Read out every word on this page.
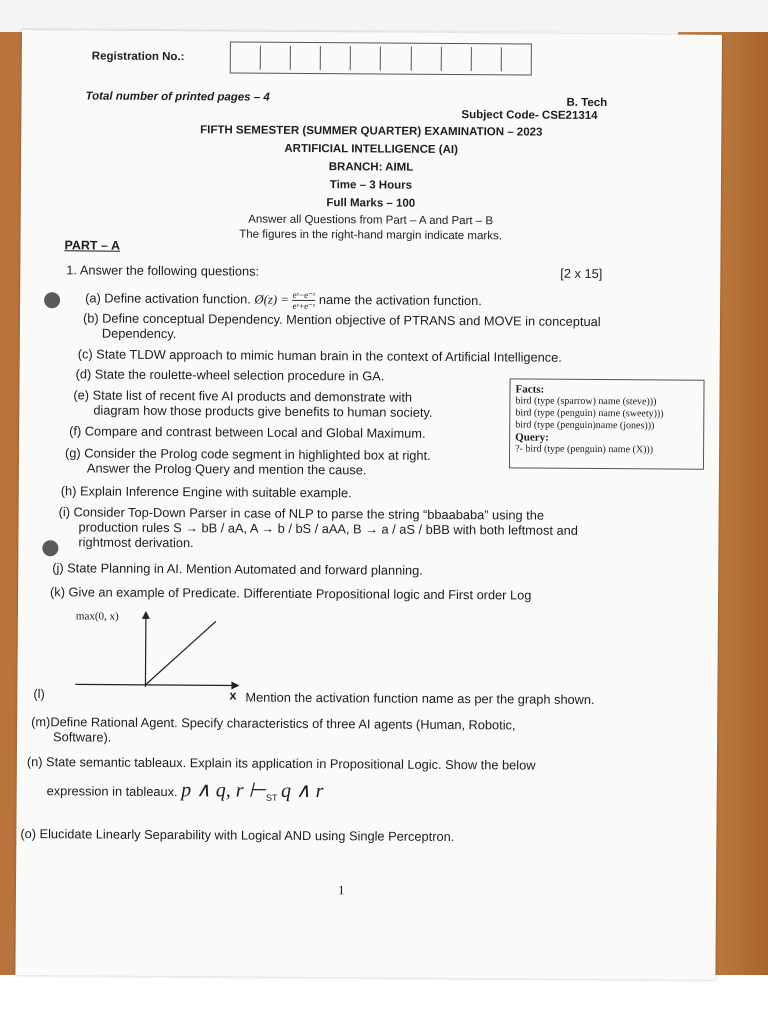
Registration No.:
Total number of printed pages – 4	B. Tech
Subject Code- CSE21314
FIFTH SEMESTER (SUMMER QUARTER) EXAMINATION – 2023
ARTIFICIAL INTELLIGENCE (AI)
BRANCH: AIML
Time – 3 Hours
Full Marks – 100
Answer all Questions from Part – A and Part – B
The figures in the right-hand margin indicate marks.
PART – A
1. Answer the following questions:	[2 x 15]
(a) Define activation function. Ø(z) = $\frac{\text{eᶻ−e⁻ᶻ}}{\text{eᶻ+e⁻ᶻ}}$ name the activation function.
(b) Define conceptual Dependency. Mention objective of PTRANS and MOVE in conceptual
Dependency.
(c) State TLDW approach to mimic human brain in the context of Artificial Intelligence.
(d) State the roulette-wheel selection procedure in GA.
(e) State list of recent five AI products and demonstrate with
diagram how those products give benefits to human society.
(f) Compare and contrast between Local and Global Maximum.
(g) Consider the Prolog code segment in highlighted box at right.
Answer the Prolog Query and mention the cause.
Facts:
bird (type (sparrow) name (steve)))
bird (type (penguin) name (sweety)))
bird (type (penguin)name (jones)))
Query:
?- bird (type (penguin) name (X)))
(h) Explain Inference Engine with suitable example.
(i) Consider Top-Down Parser in case of NLP to parse the string “bbaababa” using the
production rules S → bB / aA, A → b / bS / aAA, B → a / aS / bBB with both leftmost and
rightmost derivation.
(j) State Planning in AI. Mention Automated and forward planning.
(k) Give an example of Predicate. Differentiate Propositional logic and First order Log
max(0, x)
(l)	x Mention the activation function name as per the graph shown.
(m)Define Rational Agent. Specify characteristics of three AI agents (Human, Robotic,
Software).
(n) State semantic tableaux. Explain its application in Propositional Logic. Show the below
expression in tableaux. p ∧ q, r $⊢_{ST}$ q ∧ r
(o) Elucidate Linearly Separability with Logical AND using Single Perceptron.
1
